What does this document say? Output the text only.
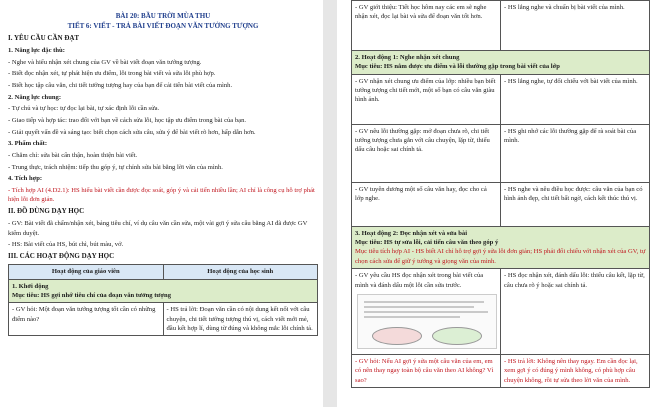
BÀI 20: BẦU TRỜI MÙA THU
TIẾT 6: VIẾT - TRẢ BÀI VIẾT ĐOẠN VĂN TƯỞNG TƯỢNG

I. YÊU CẦU CẦN ĐẠT

1. Năng lực đặc thù:

- Nghe và hiểu nhận xét chung của GV về bài viết đoạn văn tưởng tượng.

- Biết đọc nhận xét, tự phát hiện ưu điểm, lỗi trong bài viết và sửa lỗi phù hợp.

- Biết học tập câu văn, chi tiết tưởng tượng hay của bạn để cải tiến bài viết của mình.

2. Năng lực chung:

- Tự chủ và tự học: tự đọc lại bài, tự xác định lỗi cần sửa.

- Giao tiếp và hợp tác: trao đổi với bạn về cách sửa lỗi, học tập ưu điểm trong bài của bạn.

- Giải quyết vấn đề và sáng tạo: biết chọn cách sửa câu, sửa ý để bài viết rõ hơn, hấp dẫn hơn.

3. Phẩm chất:

- Chăm chỉ: sửa bài cẩn thận, hoàn thiện bài viết.

- Trung thực, trách nhiệm: tiếp thu góp ý, tự chỉnh sửa bài bằng lời văn của mình.

4. Tích hợp:

- Tích hợp AI (4.D2.1): HS hiểu bài viết cần được đọc soát, góp ý và cải tiến nhiều lần; AI chỉ là công cụ hỗ trợ phát hiện lỗi đơn giản.

II. ĐỒ DÙNG DẠY HỌC

- GV: Bài viết đã chấm/nhận xét, bảng tiêu chí, ví dụ câu văn cần sửa, một vài gợi ý sửa câu bằng AI đã được GV kiểm duyệt.

- HS: Bài viết của HS, bút chì, bút màu, vở.

III. CÁC HOẠT ĐỘNG DẠY HỌC

Hoạt động của giáo viên	Hoạt động của học sinh

1. Khởi động
Mục tiêu: HS gợi nhớ tiêu chí của đoạn văn tưởng tượng	

- GV hỏi: Một đoạn văn tưởng tượng tốt cần có những điểm nào?	- HS trả lời: Đoạn văn cần có nội dung kết nối với câu chuyện, chi tiết tưởng tượng thú vị, cách viết mới mẻ, đầu kết hợp lí, dùng từ đúng và không mắc lỗi chính tả.
- GV giới thiệu: Tiết học hôm nay các em sẽ nghe nhận xét, đọc lại bài và sửa để đoạn văn tốt hơn.	- HS lắng nghe và chuẩn bị bài viết của mình.

2. Hoạt động 1: Nghe nhận xét chung
Mục tiêu: HS nắm được ưu điểm và lỗi thường gặp trong bài viết của lớp	

- GV nhận xét chung ưu điểm của lớp: nhiều bạn biết tưởng tượng chi tiết mới, một số bạn có câu văn giàu hình ảnh.	- HS lắng nghe, tự đối chiếu với bài viết của mình.
- GV nêu lỗi thường gặp: mở đoạn chưa rõ, chi tiết tưởng tượng chưa gắn với câu chuyện, lặp từ, thiếu dấu câu hoặc sai chính tả.	- HS ghi nhớ các lỗi thường gặp để rà soát bài của mình.
- GV tuyên dương một số câu văn hay, đọc cho cả lớp nghe.	- HS nghe và nêu điều học được: câu văn của bạn có hình ảnh đẹp, chi tiết bất ngờ, cách kết thúc thú vị.

3. Hoạt động 2: Đọc nhận xét và sửa bài
Mục tiêu: HS tự sửa lỗi, cải tiến câu văn theo góp ý
Mục tiêu tích hợp AI - HS biết AI chỉ hỗ trợ gợi ý sửa lỗi đơn giản; HS phải đối chiếu với nhận xét của GV, tự chọn cách sửa để giữ ý tưởng và giọng văn của mình.	

- GV yêu cầu HS đọc nhận xét trong bài viết của mình và đánh dấu một lỗi cần sửa trước.	- HS đọc nhận xét, đánh dấu lỗi: thiếu câu kết, lặp từ, câu chưa rõ ý hoặc sai chính tả.
- GV hỏi: Nếu AI gợi ý sửa một câu văn của em, em có nên thay ngay toàn bộ câu văn theo AI không? Vì sao?	- HS trả lời: Không nên thay ngay. Em cần đọc lại, xem gợi ý có đúng ý mình không, có phù hợp câu chuyện không, rồi tự sửa theo lời văn của mình.
